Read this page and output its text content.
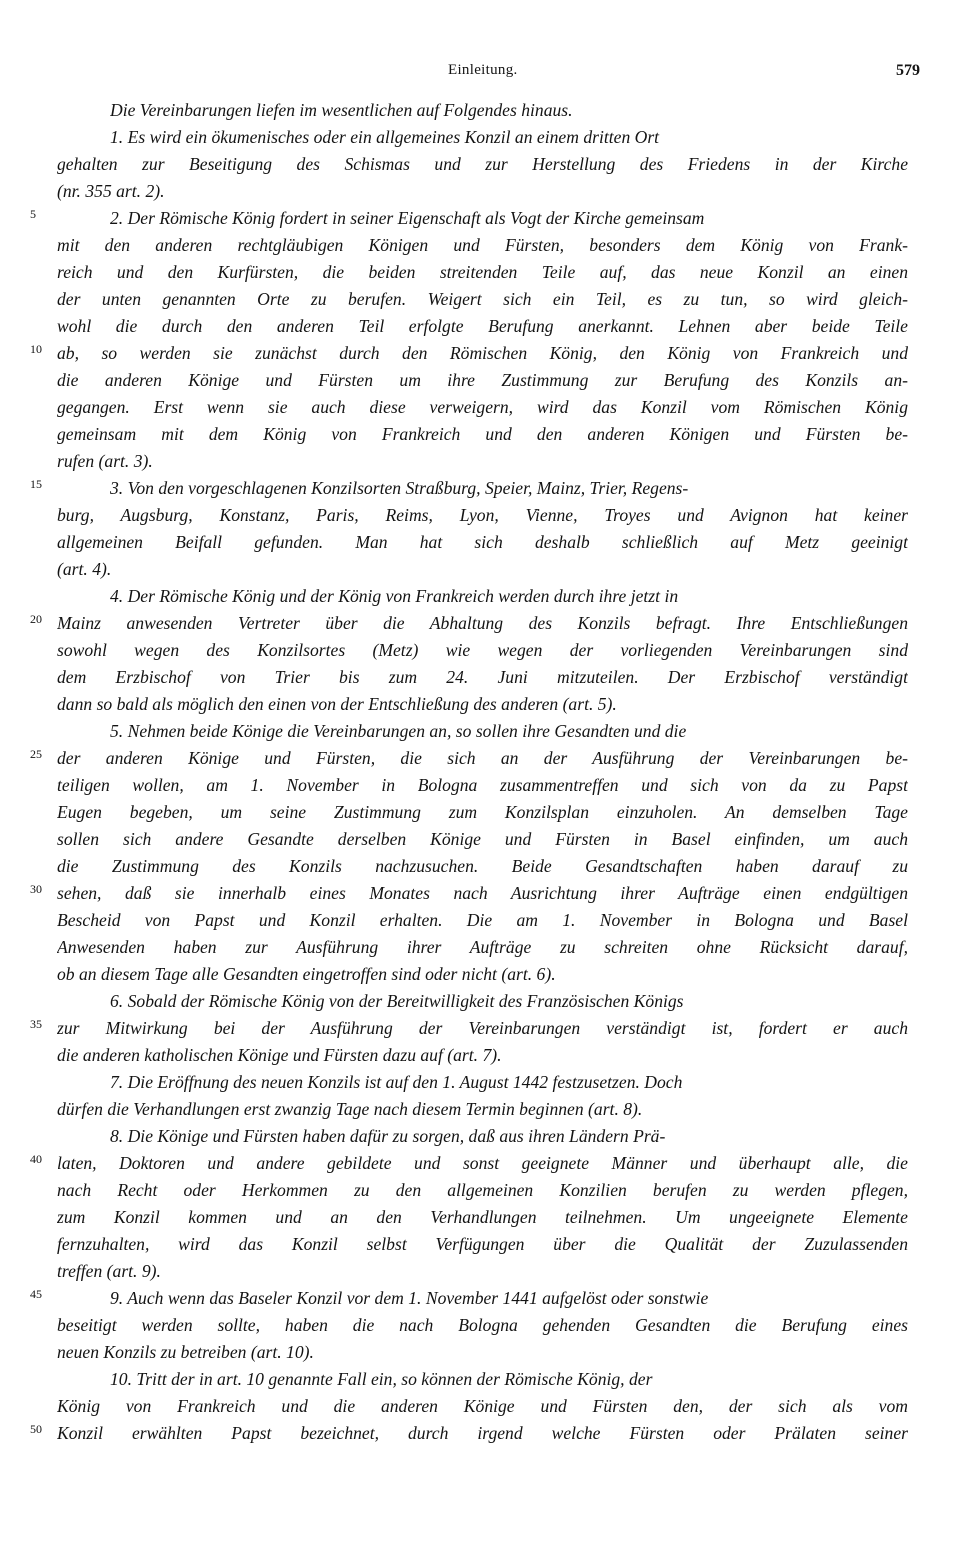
Einleitung.	579
Die Vereinbarungen liefen im wesentlichen auf Folgendes hinaus.
1. Es wird ein ökumenisches oder ein allgemeines Konzil an einem dritten Ort
gehalten zur Beseitigung des Schismas und zur Herstellung des Friedens in der Kirche
(nr. 355 art. 2).
5	2. Der Römische König fordert in seiner Eigenschaft als Vogt der Kirche gemeinsam
mit den anderen rechtgläubigen Königen und Fürsten, besonders dem König von Frank-
reich und den Kurfürsten, die beiden streitenden Teile auf, das neue Konzil an einen
der unten genannten Orte zu berufen. Weigert sich ein Teil, es zu tun, so wird gleich-
wohl die durch den anderen Teil erfolgte Berufung anerkannt. Lehnen aber beide Teile
10 ab, so werden sie zunächst durch den Römischen König, den König von Frankreich und
die anderen Könige und Fürsten um ihre Zustimmung zur Berufung des Konzils an-
gegangen. Erst wenn sie auch diese verweigern, wird das Konzil vom Römischen König
gemeinsam mit dem König von Frankreich und den anderen Königen und Fürsten be-
rufen (art. 3).
15	3. Von den vorgeschlagenen Konzilsorten Straßburg, Speier, Mainz, Trier, Regens-
burg, Augsburg, Konstanz, Paris, Reims, Lyon, Vienne, Troyes und Avignon hat keiner
allgemeinen Beifall gefunden. Man hat sich deshalb schließlich auf Metz geeinigt
(art. 4).
4. Der Römische König und der König von Frankreich werden durch ihre jetzt in
20 Mainz anwesenden Vertreter über die Abhaltung des Konzils befragt. Ihre Entschließungen
sowohl wegen des Konzilsortes (Metz) wie wegen der vorliegenden Vereinbarungen sind
dem Erzbischof von Trier bis zum 24. Juni mitzuteilen. Der Erzbischof verständigt
dann so bald als möglich den einen von der Entschließung des anderen (art. 5).
5. Nehmen beide Könige die Vereinbarungen an, so sollen ihre Gesandten und die
25 der anderen Könige und Fürsten, die sich an der Ausführung der Vereinbarungen be-
teiligen wollen, am 1. November in Bologna zusammentreffen und sich von da zu Papst
Eugen begeben, um seine Zustimmung zum Konzilsplan einzuholen. An demselben Tage
sollen sich andere Gesandte derselben Könige und Fürsten in Basel einfinden, um auch
die Zustimmung des Konzils nachzusuchen. Beide Gesandtschaften haben darauf zu
30 sehen, daß sie innerhalb eines Monates nach Ausrichtung ihrer Aufträge einen endgültigen
Bescheid von Papst und Konzil erhalten. Die am 1. November in Bologna und Basel
Anwesenden haben zur Ausführung ihrer Aufträge zu schreiten ohne Rücksicht darauf,
ob an diesem Tage alle Gesandten eingetroffen sind oder nicht (art. 6).
6. Sobald der Römische König von der Bereitwilligkeit des Französischen Königs
35 zur Mitwirkung bei der Ausführung der Vereinbarungen verständigt ist, fordert er auch
die anderen katholischen Könige und Fürsten dazu auf (art. 7).
7. Die Eröffnung des neuen Konzils ist auf den 1. August 1442 festzusetzen. Doch
dürfen die Verhandlungen erst zwanzig Tage nach diesem Termin beginnen (art. 8).
8. Die Könige und Fürsten haben dafür zu sorgen, daß aus ihren Ländern Prä-
40 laten, Doktoren und andere gebildete und sonst geeignete Männer und überhaupt alle, die
nach Recht oder Herkommen zu den allgemeinen Konzilien berufen zu werden pflegen,
zum Konzil kommen und an den Verhandlungen teilnehmen. Um ungeeignete Elemente
fernzuhalten, wird das Konzil selbst Verfügungen über die Qualität der Zuzulassenden
treffen (art. 9).
45	9. Auch wenn das Baseler Konzil vor dem 1. November 1441 aufgelöst oder sonstwie
beseitigt werden sollte, haben die nach Bologna gehenden Gesandten die Berufung eines
neuen Konzils zu betreiben (art. 10).
10. Tritt der in art. 10 genannte Fall ein, so können der Römische König, der
König von Frankreich und die anderen Könige und Fürsten den, der sich als vom
50 Konzil erwählten Papst bezeichnet, durch irgend welche Fürsten oder Prälaten seiner
